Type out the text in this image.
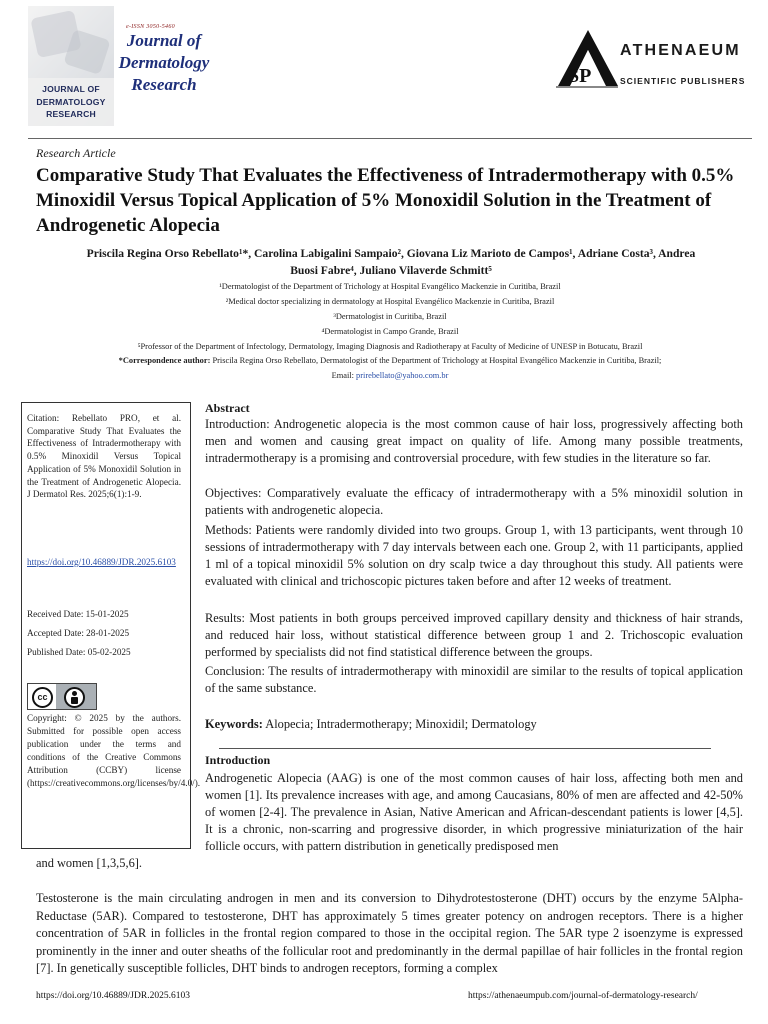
JOURNAL OF
DERMATOLOGY
RESEARCH
e-ISSN 3050-5460
Journal of
Dermatology
Research	SP
ATHENAEUM
SCIENTIFIC PUBLISHERS
Research Article
Comparative Study That Evaluates the Effectiveness of Intradermotherapy with 0.5% Minoxidil Versus Topical Application of 5% Monoxidil Solution in the Treatment of Androgenetic Alopecia
Priscila Regina Orso Rebellato¹*, Carolina Labigalini Sampaio², Giovana Liz Marioto de Campos¹, Adriane Costa³, Andrea
Buosi Fabre⁴, Juliano Vilaverde Schmitt⁵
¹Dermatologist of the Department of Trichology at Hospital Evangélico Mackenzie in Curitiba, Brazil
²Medical doctor specializing in dermatology at Hospital Evangélico Mackenzie in Curitiba, Brazil
³Dermatologist in Curitiba, Brazil
⁴Dermatologist in Campo Grande, Brazil
⁵Professor of the Department of Infectology, Dermatology, Imaging Diagnosis and Radiotherapy at Faculty of Medicine of UNESP in Botucatu, Brazil
*Correspondence author: Priscila Regina Orso Rebellato, Dermatologist of the Department of Trichology at Hospital Evangélico Mackenzie in Curitiba, Brazil;
Email: prirebellato@yahoo.com.br
Citation: Rebellato PRO, et al. Comparative Study That Evaluates the Effectiveness of Intradermotherapy with 0.5% Minoxidil Versus Topical Application of 5% Monoxidil Solution in the Treatment of Androgenetic Alopecia. J Dermatol Res. 2025;6(1):1-9.
https://doi.org/10.46889/JDR.2025.6103
Received Date: 15-01-2025
Accepted Date: 28-01-2025
Published Date: 05-02-2025
cc
Copyright: © 2025 by the authors. Submitted for possible open access publication under the terms and conditions of the Creative Commons Attribution (CCBY) license (https://creativecommons.org/licenses/by/4.0/).
Abstract
Introduction: Androgenetic alopecia is the most common cause of hair loss, progressively affecting both men and women and causing great impact on quality of life. Among many possible treatments, intradermotherapy is a promising and controversial procedure, with few studies in the literature so far.
Objectives: Comparatively evaluate the efficacy of intradermotherapy with a 5% minoxidil solution in patients with androgenetic alopecia.
Methods: Patients were randomly divided into two groups. Group 1, with 13 participants, went through 10 sessions of intradermotherapy with 7 day intervals between each one. Group 2, with 11 participants, applied 1 ml of a topical minoxidil 5% solution on dry scalp twice a day throughout this study. All patients were evaluated with clinical and trichoscopic pictures taken before and after 12 weeks of treatment.
Results: Most patients in both groups perceived improved capillary density and thickness of hair strands, and reduced hair loss, without statistical difference between group 1 and 2. Trichoscopic evaluation performed by specialists did not find statistical difference between the groups.
Conclusion: The results of intradermotherapy with minoxidil are similar to the results of topical application of the same substance.
Keywords: Alopecia; Intradermotherapy; Minoxidil; Dermatology
Introduction
Androgenetic Alopecia (AAG) is one of the most common causes of hair loss, affecting both men and women [1]. Its prevalence increases with age, and among Caucasians, 80% of men are affected and 42-50% of women [2-4]. The prevalence in Asian, Native American and African-descendant patients is lower [4,5]. It is a chronic, non-scarring and progressive disorder, in which progressive miniaturization of the hair follicle occurs, with pattern distribution in genetically predisposed men
and women [1,3,5,6].
Testosterone is the main circulating androgen in men and its conversion to Dihydrotestosterone (DHT) occurs by the enzyme 5Alpha-Reductase (5AR). Compared to testosterone, DHT has approximately 5 times greater potency on androgen receptors. There is a higher concentration of 5AR in follicles in the frontal region compared to those in the occipital region. The 5AR type 2 isoenzyme is expressed prominently in the inner and outer sheaths of the follicular root and predominantly in the dermal papillae of hair follicles in the frontal region [7]. In genetically susceptible follicles, DHT binds to androgen receptors, forming a complex
https://doi.org/10.46889/JDR.2025.6103	https://athenaeumpub.com/journal-of-dermatology-research/
